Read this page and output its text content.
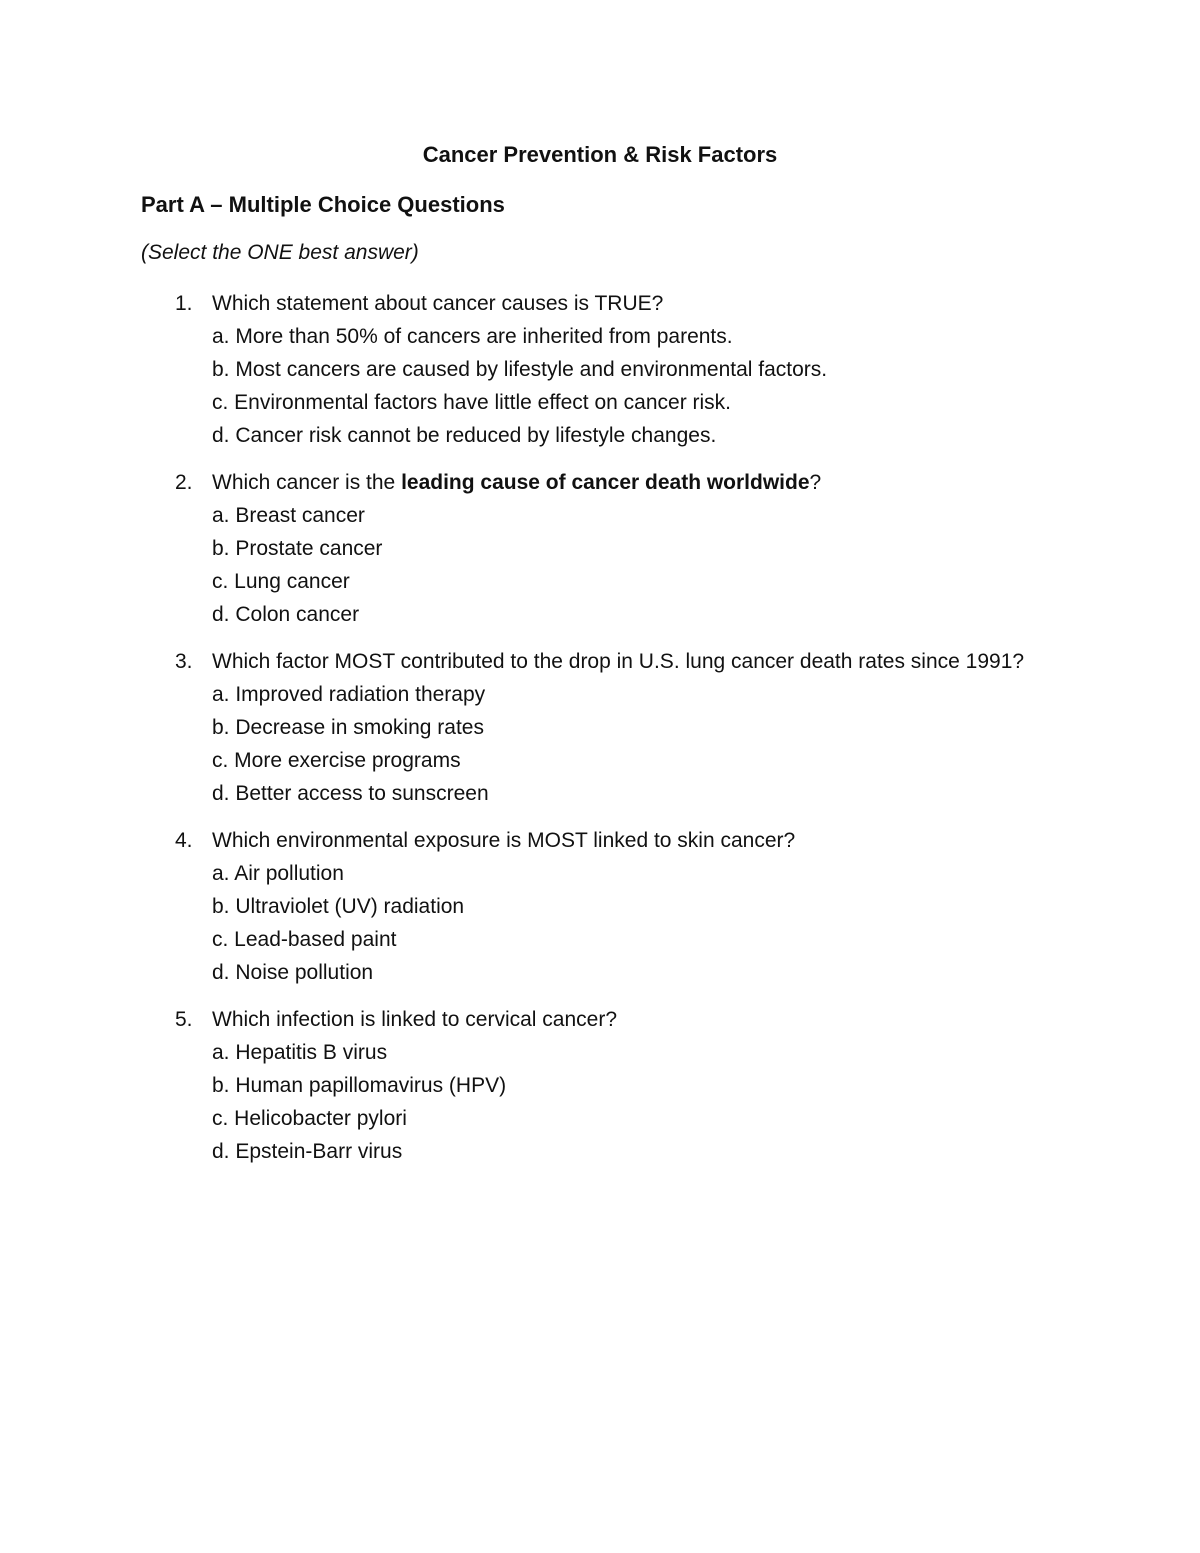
Cancer Prevention & Risk Factors
Part A – Multiple Choice Questions
(Select the ONE best answer)
1. Which statement about cancer causes is TRUE?
a. More than 50% of cancers are inherited from parents.
b. Most cancers are caused by lifestyle and environmental factors.
c. Environmental factors have little effect on cancer risk.
d. Cancer risk cannot be reduced by lifestyle changes.
2. Which cancer is the leading cause of cancer death worldwide?
a. Breast cancer
b. Prostate cancer
c. Lung cancer
d. Colon cancer
3. Which factor MOST contributed to the drop in U.S. lung cancer death rates since 1991?
a. Improved radiation therapy
b. Decrease in smoking rates
c. More exercise programs
d. Better access to sunscreen
4. Which environmental exposure is MOST linked to skin cancer?
a. Air pollution
b. Ultraviolet (UV) radiation
c. Lead-based paint
d. Noise pollution
5. Which infection is linked to cervical cancer?
a. Hepatitis B virus
b. Human papillomavirus (HPV)
c. Helicobacter pylori
d. Epstein-Barr virus
